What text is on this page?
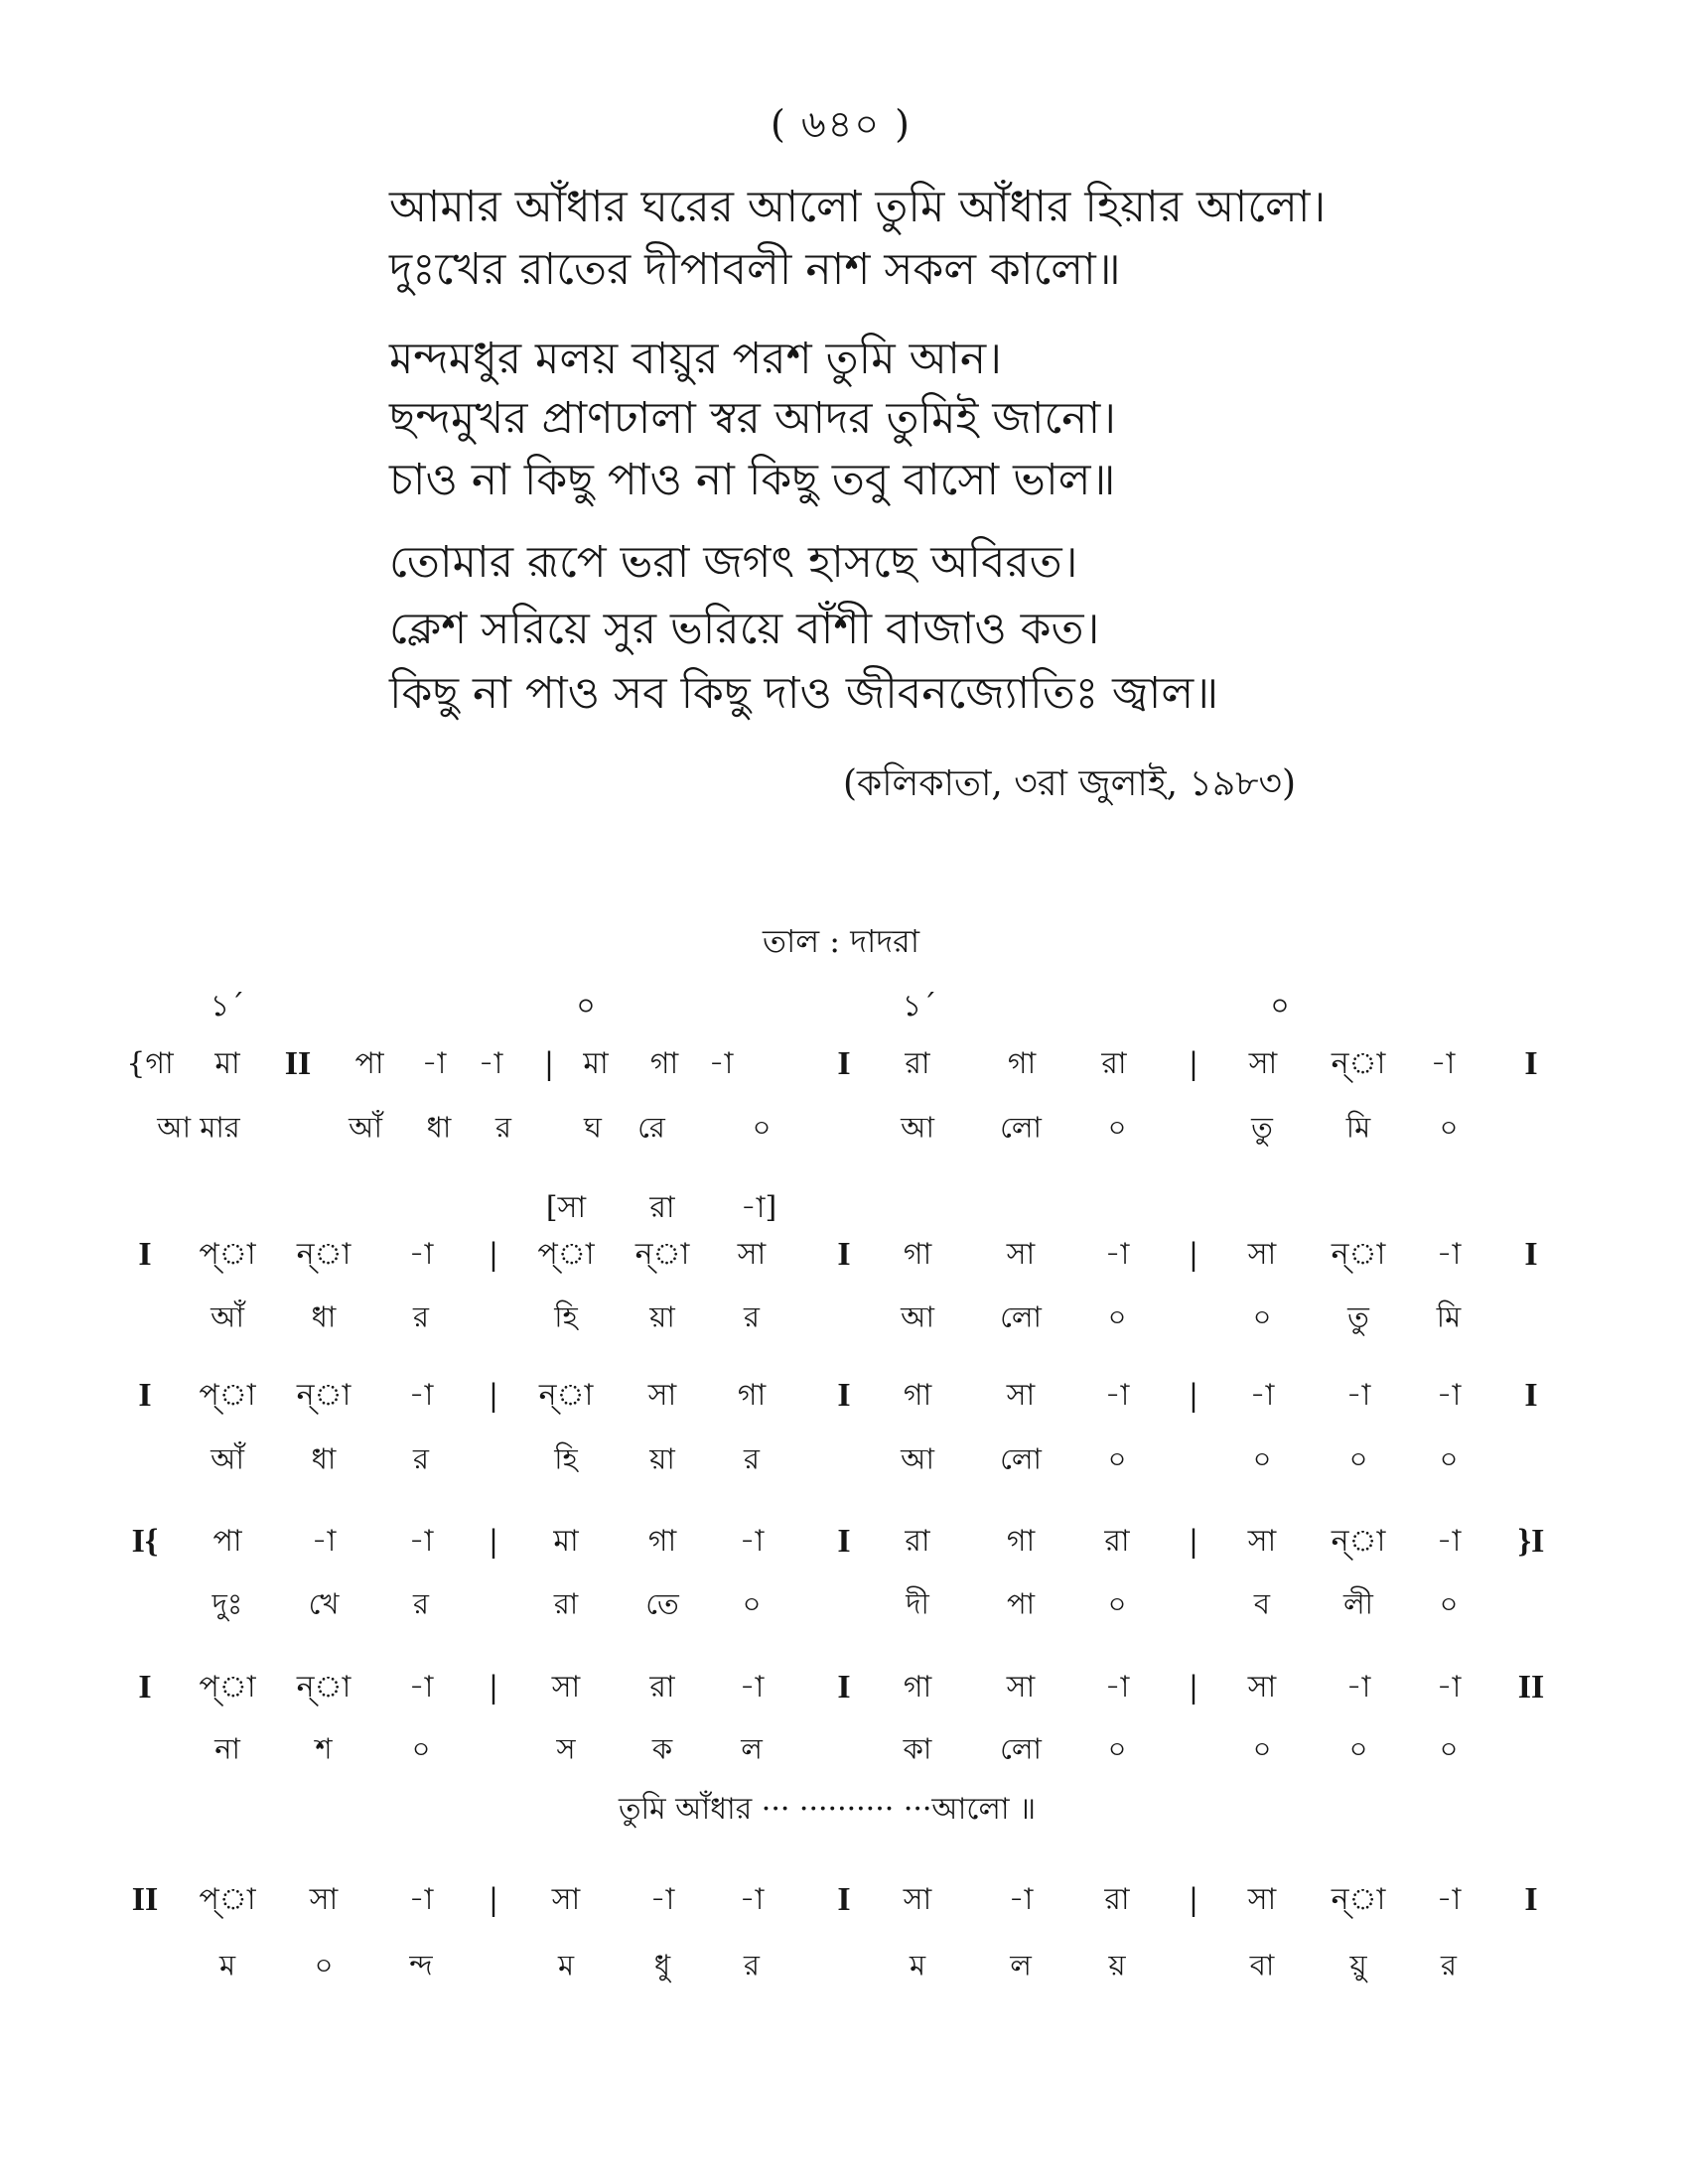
( ৬৪০ )
আমার আঁধার ঘরের আলো তুমি আঁধার হিয়ার আলো।
দুঃখের রাতের দীপাবলী নাশ সকল কালো॥
মন্দমধুর মলয় বায়ুর পরশ তুমি আন।
ছন্দমুখর প্রাণঢালা স্বর আদর তুমিই জানো।
চাও না কিছু পাও না কিছু তবু বাসো ভাল॥
তোমার রূপে ভরা জগৎ হাসছে অবিরত।
ক্লেশ সরিয়ে সুর ভরিয়ে বাঁশী বাজাও কত।
কিছু না পাও সব কিছু দাও জীবনজ্যোতিঃ জ্বাল॥
(কলিকাতা, ৩রা জুলাই, ১৯৮৩)
তাল : দাদরা
১´	০	১´	০
{গা মা II পা -া -া | মা গা -া	I রা	গা রা | সা ন্া -া I
আ মার	আঁ ধা র	ঘ রে	০	আ লো ০	তু	মি ০
[সা রা -া]
I প্া ন্া -া | প্া ন্া সা I গা	সা -া | সা ন্া -া I
আঁ ধা	র	হি য়া র	আ লো ০	০	তু মি
I প্া ন্া -া | ন্া সা গা I গা	সা -া | -া -া -া I
আঁ ধা	র	হি য়া র	আ লো ০	০	০ ০
I{ পা -া -া | মা গা -া I রা	গা রা | সা ন্া -া }I
দুঃ খে	র	রা তে ০	দী	পা	০	ব	লী ০
I প্া ন্া -া | সা রা -া I গা	সা -া | সা -া -া II
না	শ	০	স	ক ল	কা লো ০	০	০ ০
তুমি আঁধার ··· ·········· ···আলো ॥
II প্া সা -া | সা -া -া I সা	-া রা | সা ন্া -া I
ম	০	ন্দ	ম	ধু	র	ম	ল	য়	বা	য়ু	র
